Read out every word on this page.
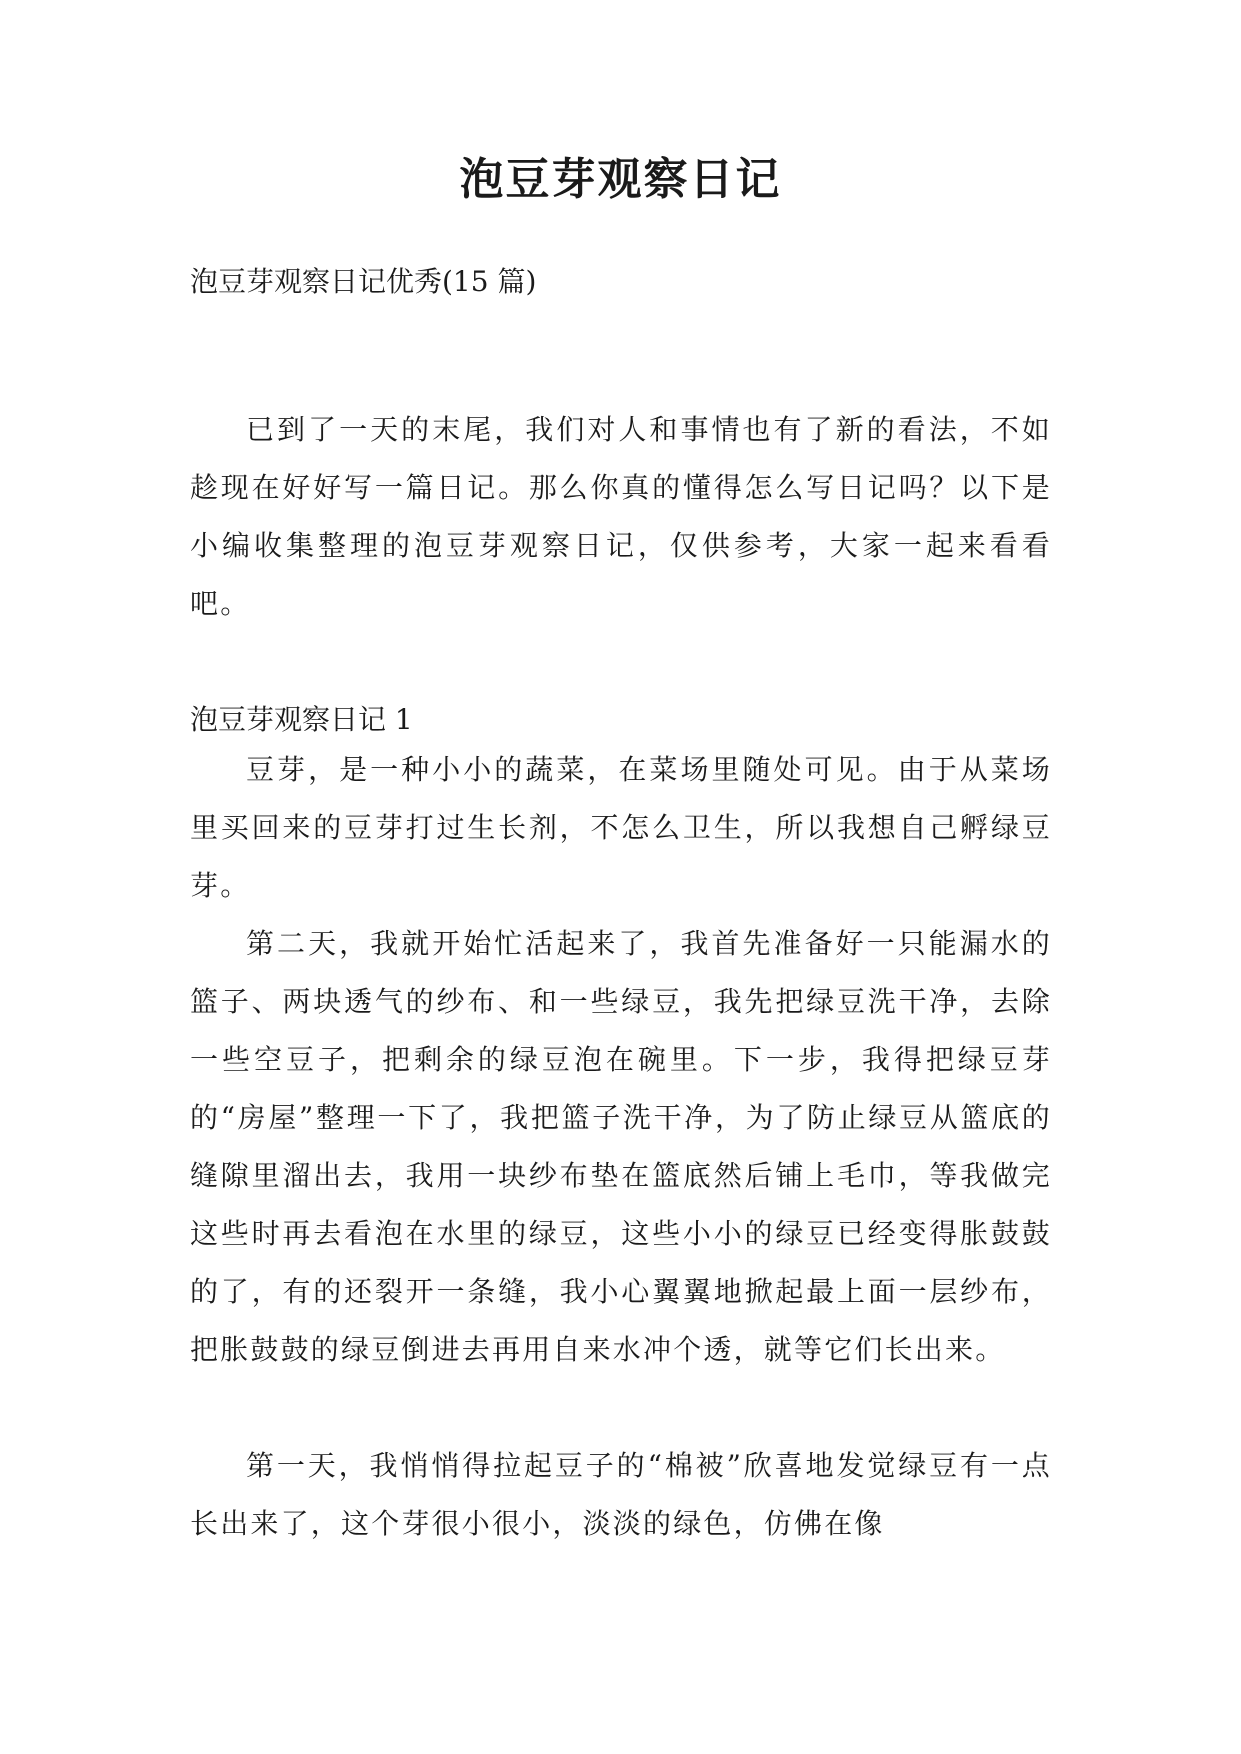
泡豆芽观察日记

泡豆芽观察日记优秀(15 篇)

已到了一天的末尾，我们对人和事情也有了新的看法，不如趁现在好好写一篇日记。那么你真的懂得怎么写日记吗？以下是小编收集整理的泡豆芽观察日记，仅供参考，大家一起来看看吧。

泡豆芽观察日记 1

豆芽，是一种小小的蔬菜，在菜场里随处可见。由于从菜场里买回来的豆芽打过生长剂，不怎么卫生，所以我想自己孵绿豆芽。

第二天，我就开始忙活起来了，我首先准备好一只能漏水的篮子、两块透气的纱布、和一些绿豆，我先把绿豆洗干净，去除一些空豆子，把剩余的绿豆泡在碗里。下一步，我得把绿豆芽的“房屋”整理一下了，我把篮子洗干净，为了防止绿豆从篮底的缝隙里溜出去，我用一块纱布垫在篮底然后铺上毛巾，等我做完这些时再去看泡在水里的绿豆，这些小小的绿豆已经变得胀鼓鼓的了，有的还裂开一条缝，我小心翼翼地掀起最上面一层纱布，把胀鼓鼓的绿豆倒进去再用自来水冲个透，就等它们长出来。

第一天，我悄悄得拉起豆子的“棉被”欣喜地发觉绿豆有一点长出来了，这个芽很小很小，淡淡的绿色，仿佛在像
